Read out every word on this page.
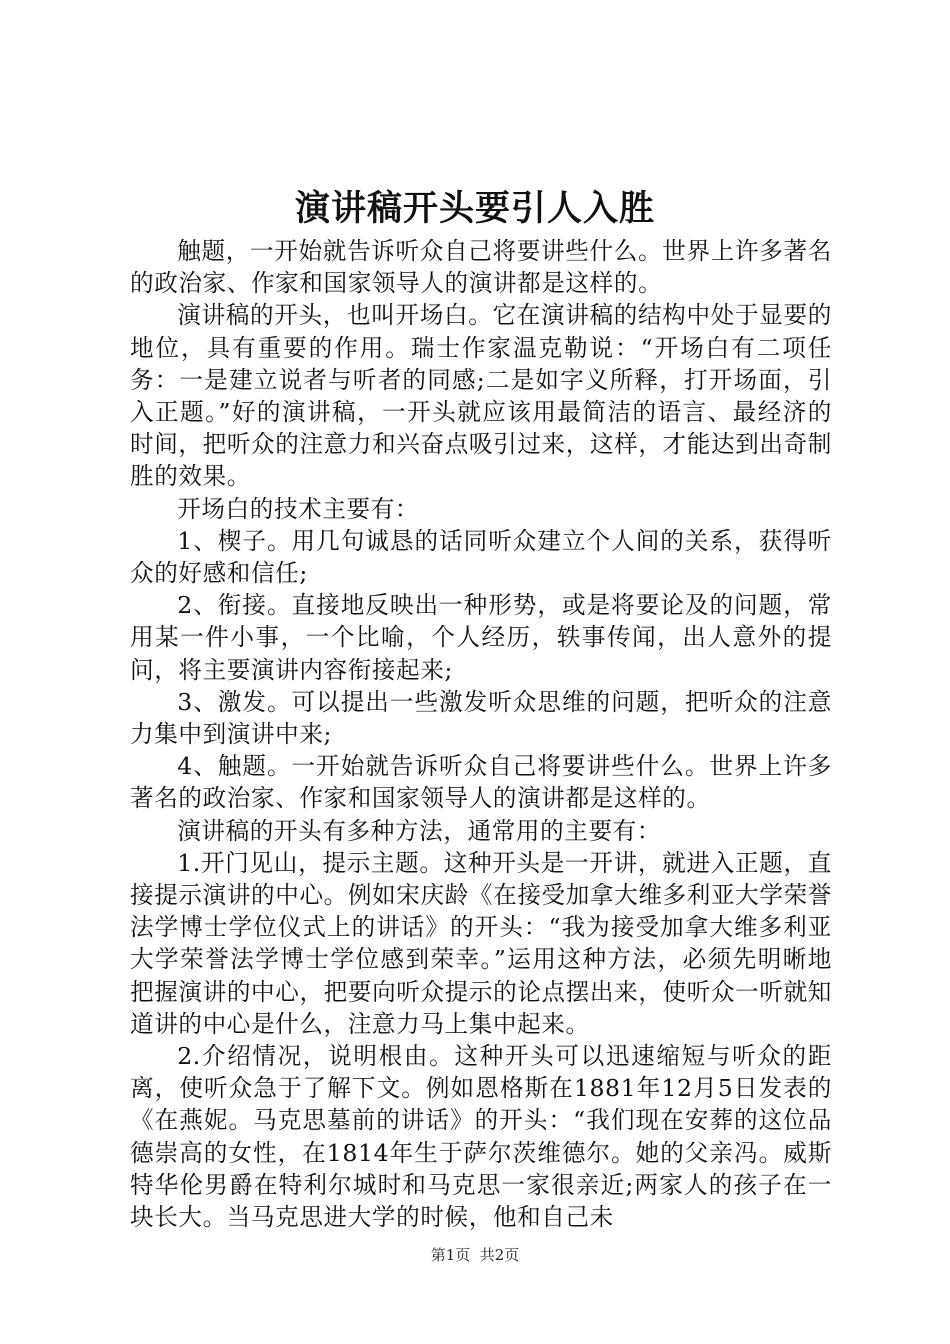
演讲稿开头要引人入胜

触题，一开始就告诉听众自己将要讲些什么。世界上许多著名的政治家、作家和国家领导人的演讲都是这样的。

演讲稿的开头，也叫开场白。它在演讲稿的结构中处于显要的地位，具有重要的作用。瑞士作家温克勒说：“开场白有二项任务：一是建立说者与听者的同感;二是如字义所释，打开场面，引入正题。”好的演讲稿，一开头就应该用最简洁的语言、最经济的时间，把听众的注意力和兴奋点吸引过来，这样，才能达到出奇制胜的效果。

开场白的技术主要有：

1、楔子。用几句诚恳的话同听众建立个人间的关系，获得听众的好感和信任;

2、衔接。直接地反映出一种形势，或是将要论及的问题，常用某一件小事，一个比喻，个人经历，轶事传闻，出人意外的提问，将主要演讲内容衔接起来;

3、激发。可以提出一些激发听众思维的问题，把听众的注意力集中到演讲中来;

4、触题。一开始就告诉听众自己将要讲些什么。世界上许多著名的政治家、作家和国家领导人的演讲都是这样的。

演讲稿的开头有多种方法，通常用的主要有：

1.开门见山，提示主题。这种开头是一开讲，就进入正题，直接提示演讲的中心。例如宋庆龄《在接受加拿大维多利亚大学荣誉法学博士学位仪式上的讲话》的开头：“我为接受加拿大维多利亚大学荣誉法学博士学位感到荣幸。”运用这种方法，必须先明晰地把握演讲的中心，把要向听众提示的论点摆出来，使听众一听就知道讲的中心是什么，注意力马上集中起来。

2.介绍情况，说明根由。这种开头可以迅速缩短与听众的距离，使听众急于了解下文。例如恩格斯在1881年12月5日发表的《在燕妮。马克思墓前的讲话》的开头：“我们现在安葬的这位品德崇高的女性，在1814年生于萨尔茨维德尔。她的父亲冯。威斯特华伦男爵在特利尔城时和马克思一家很亲近;两家人的孩子在一块长大。当马克思进大学的时候，他和自己未

第1页  共2页
